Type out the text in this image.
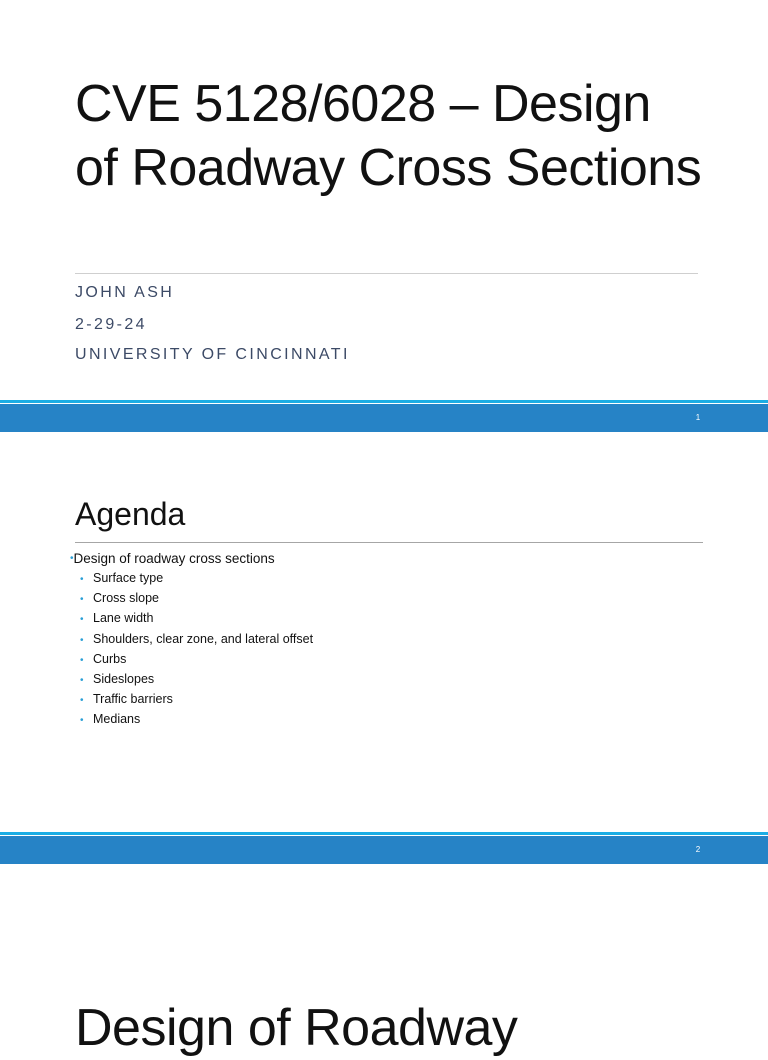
CVE 5128/6028 – Design of Roadway Cross Sections
JOHN ASH
2-29-24
UNIVERSITY OF CINCINNATI
1
Agenda
•Design of roadway cross sections
• Surface type
• Cross slope
• Lane width
• Shoulders, clear zone, and lateral offset
• Curbs
• Sideslopes
• Traffic barriers
• Medians
2
Design of Roadway
